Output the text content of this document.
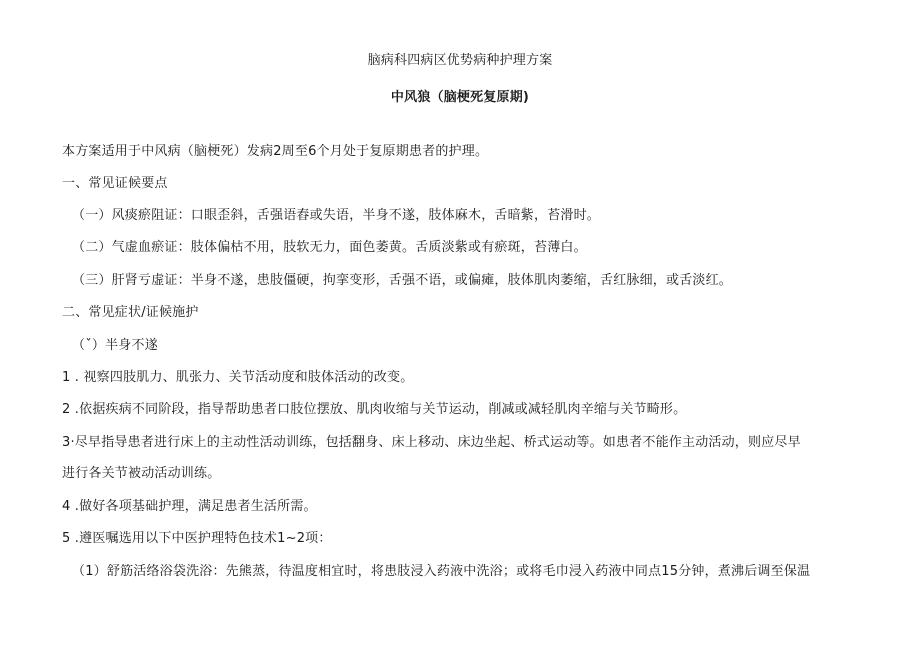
脑病科四病区优势病种护理方案
中风狼（脑梗死复原期)
本方案适用于中风病（脑梗死）发病2周至6个月处于复原期患者的护理。
一、常见证候要点
（一）风痰瘀阻证：口眼歪斜，舌强语舂或失语，半身不遂，肢体麻木，舌暗紫，苔滑时。
（二）气虚血瘀证：肢体偏枯不用，肢软无力，面色萎黄。舌质淡紫或有瘀斑，苔薄白。
（三）肝肾亏虚证：半身不遂，患肢僵硬，拘挛变形，舌强不语，或偏瘫，肢体肌肉萎缩，舌红脉细，或舌淡红。
二、常见症状/证候施护
（ˇ）半身不遂
1 . 视察四肢肌力、肌张力、关节活动度和肢体活动的改变。
2 .依据疾病不同阶段，指导帮助患者口肢位摆放、肌肉收缩与关节运动，削减或减轻肌肉辛缩与关节畸形。
3·尽早指导患者进行床上的主动性活动训练，包括翻身、床上移动、床边坐起、桥式运动等。如患者不能作主动活动，则应尽早
进行各关节被动活动训练。
4 .做好各项基础护理，满足患者生活所需。
5 .遵医嘱选用以下中医护理特色技术1~2项：
（1）舒筋活络浴袋洗浴：先熊蒸，待温度相宜时，将患肢浸入药液中洗浴；或将毛巾浸入药液中同点15分钟，煮沸后调至保温
